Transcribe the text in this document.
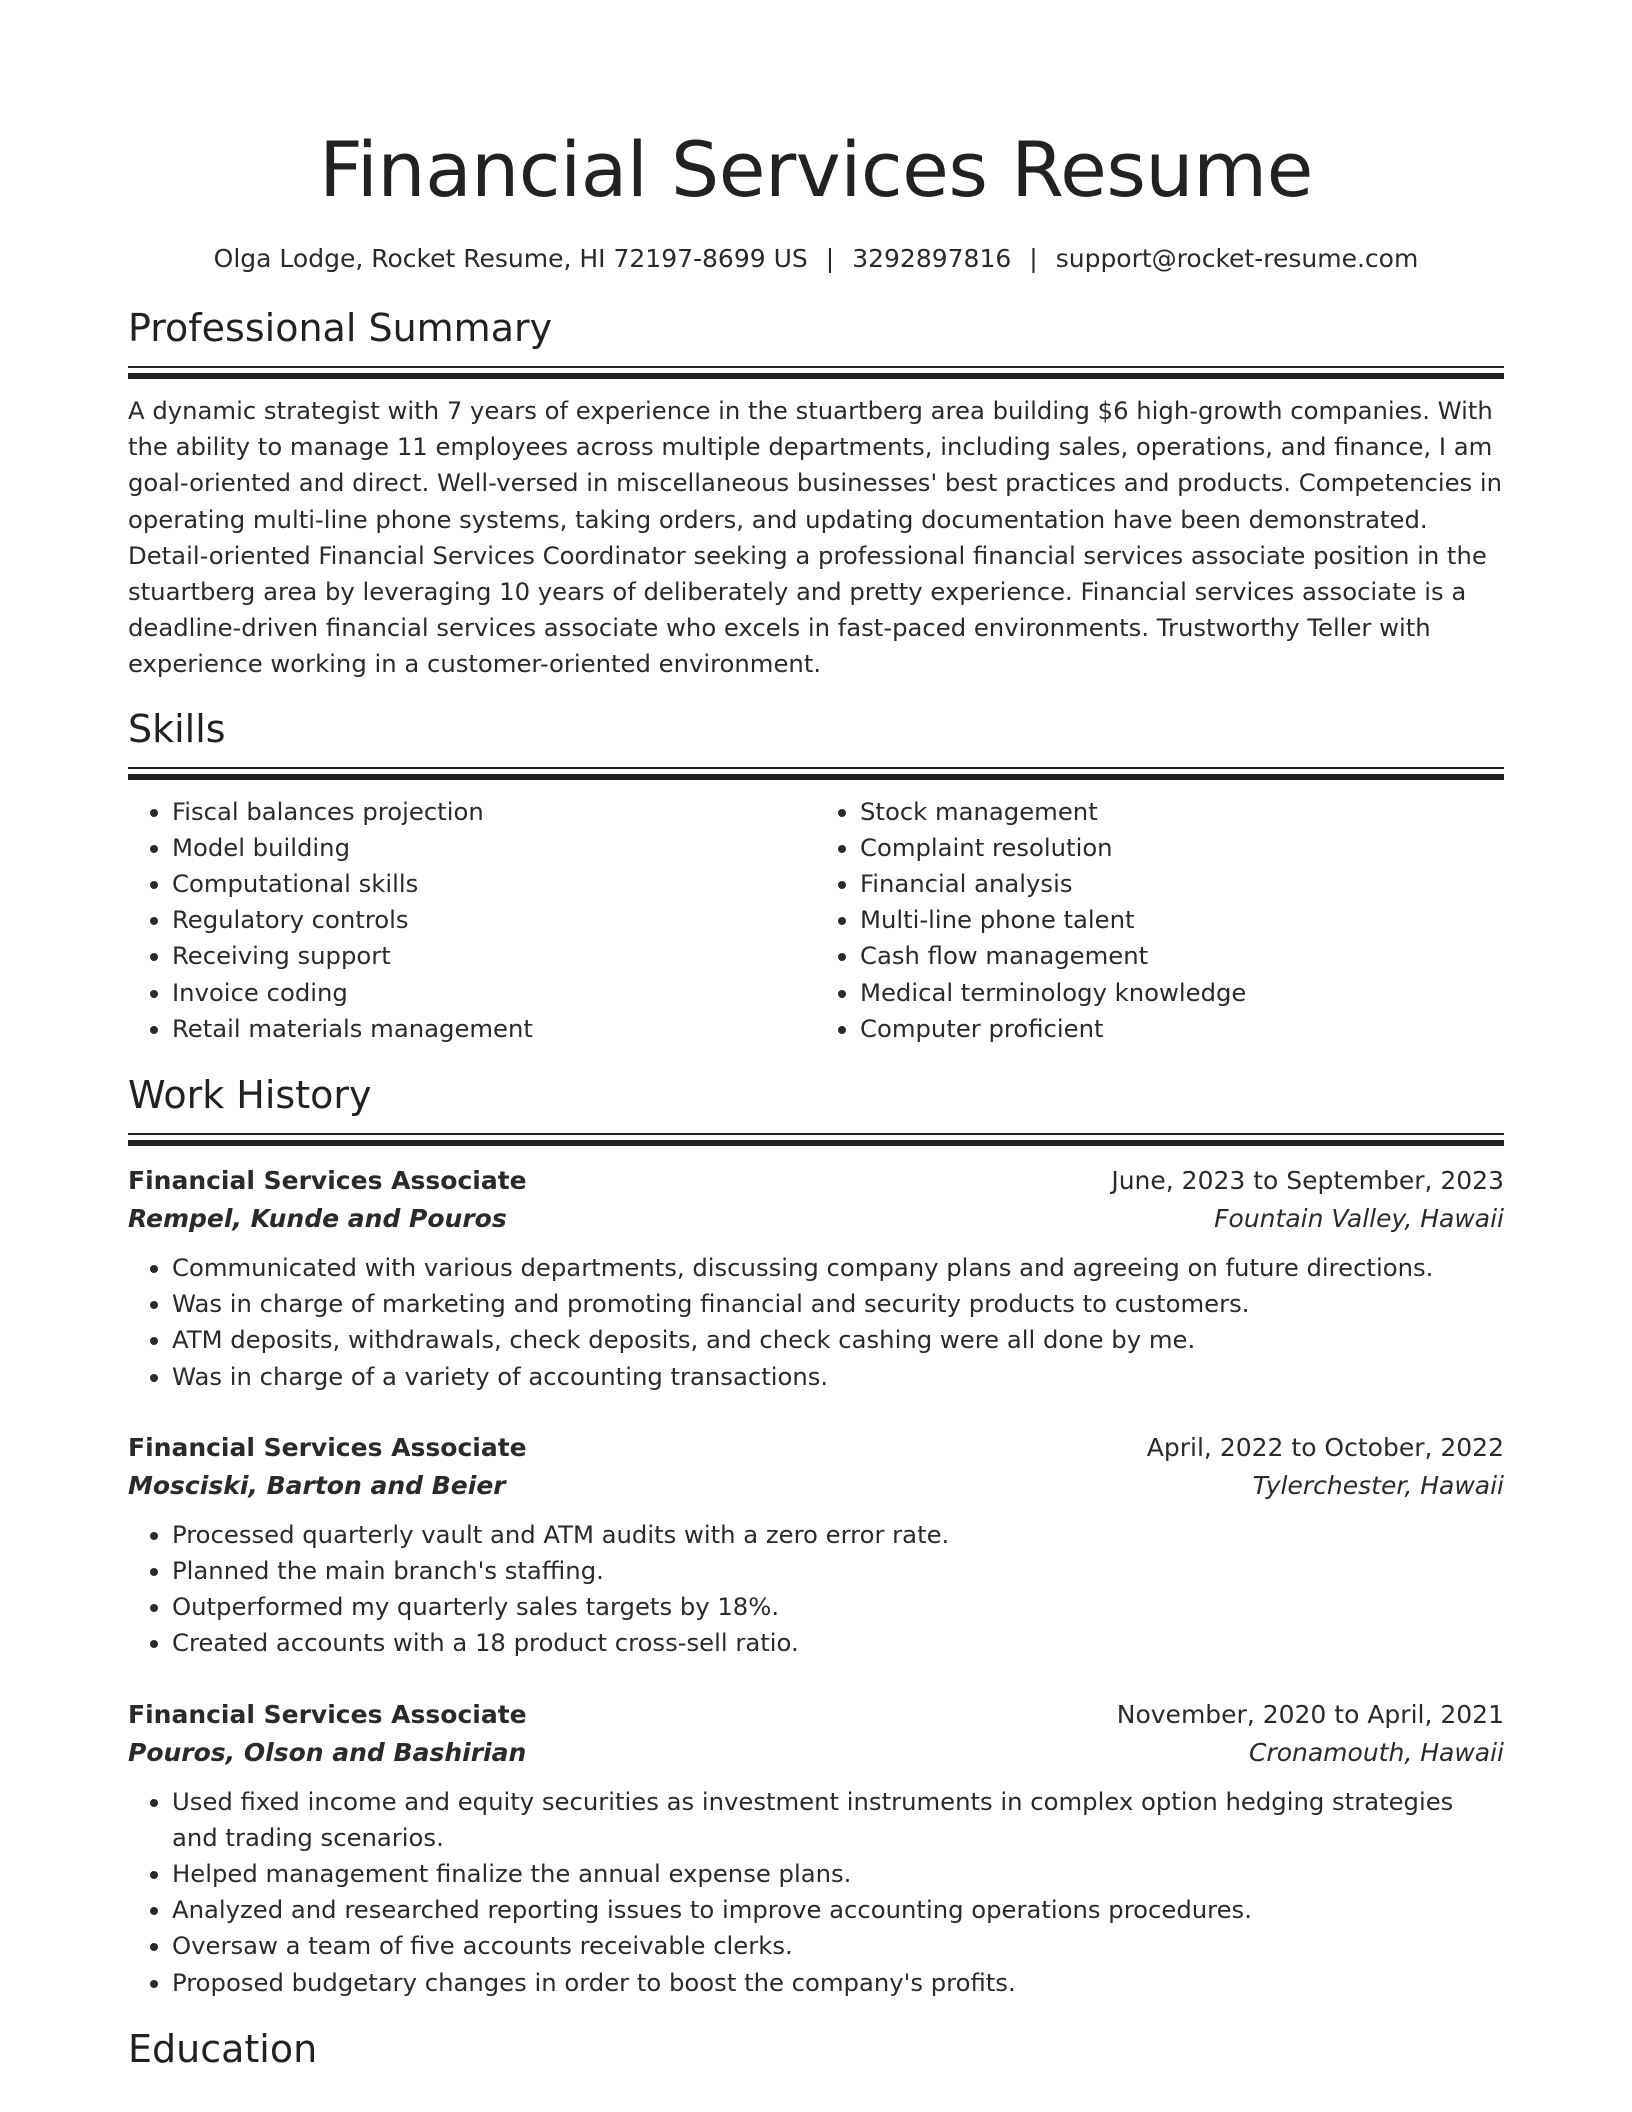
Financial Services Resume
Olga Lodge, Rocket Resume, HI 72197-8699 US | 3292897816 | support@rocket-resume.com
Professional Summary

A dynamic strategist with 7 years of experience in the stuartberg area building $6 high-growth companies. With the ability to manage 11 employees across multiple departments, including sales, operations, and finance, I am goal-oriented and direct. Well-versed in miscellaneous businesses' best practices and products. Competencies in operating multi-line phone systems, taking orders, and updating documentation have been demonstrated. Detail-oriented Financial Services Coordinator seeking a professional financial services associate position in the stuartberg area by leveraging 10 years of deliberately and pretty experience. Financial services associate is a deadline-driven financial services associate who excels in fast-paced environments. Trustworthy Teller with experience working in a customer-oriented environment.

Skills
• Fiscal balances projection
• Model building
• Computational skills
• Regulatory controls
• Receiving support
• Invoice coding
• Retail materials management
• Stock management
• Complaint resolution
• Financial analysis
• Multi-line phone talent
• Cash flow management
• Medical terminology knowledge
• Computer proficient
Work History
Financial Services Associate	June, 2023 to September, 2023
Rempel, Kunde and Pouros	Fountain Valley, Hawaii
• Communicated with various departments, discussing company plans and agreeing on future directions.
• Was in charge of marketing and promoting financial and security products to customers.
• ATM deposits, withdrawals, check deposits, and check cashing were all done by me.
• Was in charge of a variety of accounting transactions.
Financial Services Associate	April, 2022 to October, 2022
Mosciski, Barton and Beier	Tylerchester, Hawaii
• Processed quarterly vault and ATM audits with a zero error rate.
• Planned the main branch's staffing.
• Outperformed my quarterly sales targets by 18%.
• Created accounts with a 18 product cross-sell ratio.
Financial Services Associate	November, 2020 to April, 2021
Pouros, Olson and Bashirian	Cronamouth, Hawaii
• Used fixed income and equity securities as investment instruments in complex option hedging strategies and trading scenarios.
• Helped management finalize the annual expense plans.
• Analyzed and researched reporting issues to improve accounting operations procedures.
• Oversaw a team of five accounts receivable clerks.
• Proposed budgetary changes in order to boost the company's profits.
Education
